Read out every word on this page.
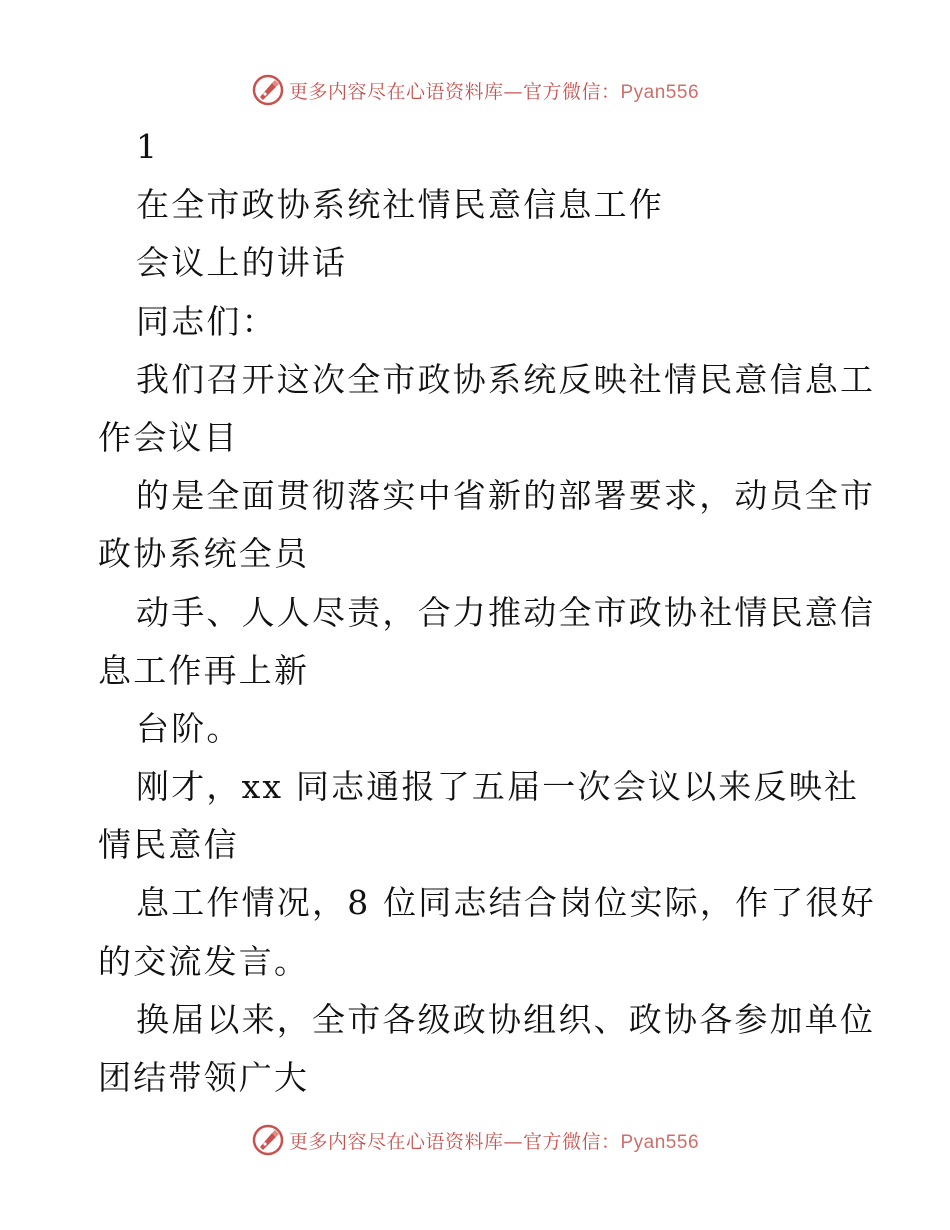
更多内容尽在心语资料库—官方微信：Pyan556
1
在全市政协系统社情民意信息工作
会议上的讲话
同志们：
我们召开这次全市政协系统反映社情民意信息工
作会议目
的是全面贯彻落实中省新的部署要求，动员全市
政协系统全员
动手、人人尽责，合力推动全市政协社情民意信
息工作再上新
台阶。
刚才，xx 同志通报了五届一次会议以来反映社
情民意信
息工作情况，8 位同志结合岗位实际，作了很好
的交流发言。
换届以来，全市各级政协组织、政协各参加单位
团结带领广大
更多内容尽在心语资料库—官方微信：Pyan556
